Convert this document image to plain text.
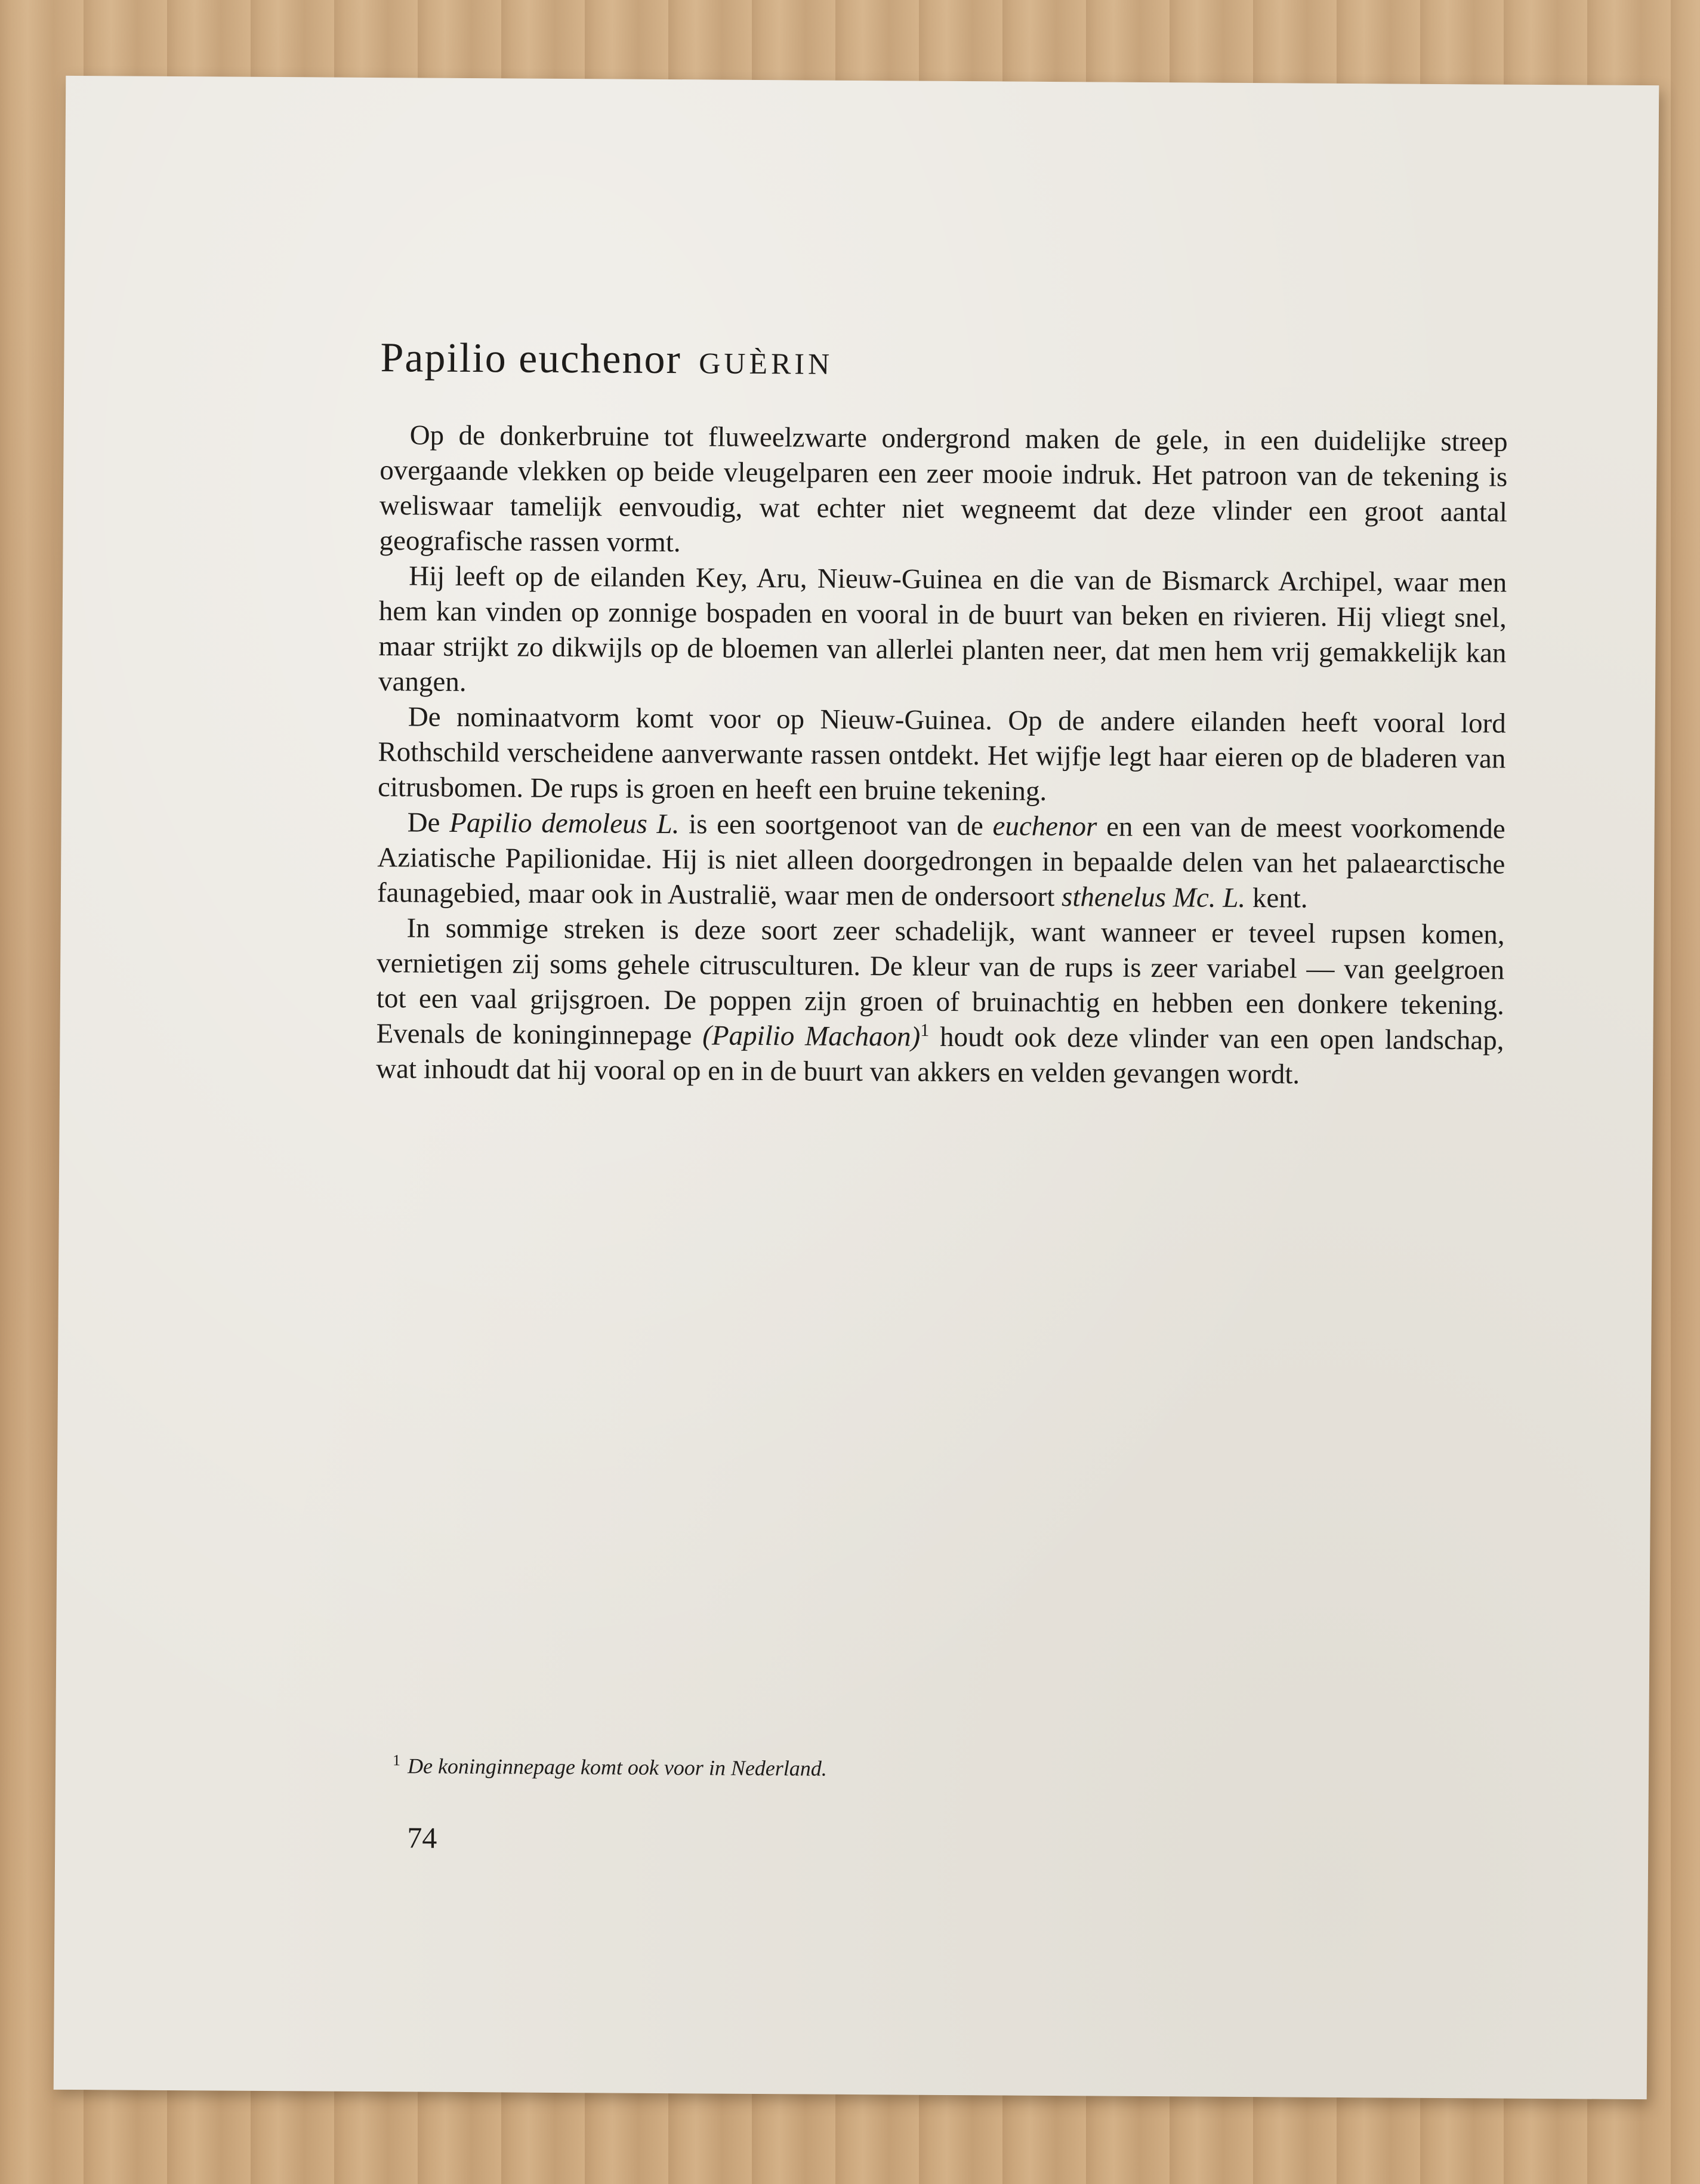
Papilio euchenor GUÈRIN

Op de donkerbruine tot fluweelzwarte ondergrond maken de gele, in een duidelijke streep overgaande vlekken op beide vleugelparen een zeer mooie indruk. Het patroon van de tekening is weliswaar tamelijk eenvoudig, wat echter niet wegneemt dat deze vlinder een groot aantal geografische rassen vormt.

Hij leeft op de eilanden Key, Aru, Nieuw-Guinea en die van de Bismarck Archipel, waar men hem kan vinden op zonnige bospaden en vooral in de buurt van beken en rivieren. Hij vliegt snel, maar strijkt zo dikwijls op de bloemen van allerlei planten neer, dat men hem vrij gemakkelijk kan vangen.

De nominaatvorm komt voor op Nieuw-Guinea. Op de andere eilanden heeft vooral lord Rothschild verscheidene aanverwante rassen ontdekt. Het wijfje legt haar eieren op de bladeren van citrusbomen. De rups is groen en heeft een bruine tekening.

De Papilio demoleus L. is een soortgenoot van de euchenor en een van de meest voorkomende Aziatische Papilionidae. Hij is niet alleen doorgedrongen in bepaalde delen van het palaearctische faunagebied, maar ook in Australië, waar men de ondersoort sthenelus Mc. L. kent.

In sommige streken is deze soort zeer schadelijk, want wanneer er teveel rupsen komen, vernietigen zij soms gehele citrusculturen. De kleur van de rups is zeer variabel — van geelgroen tot een vaal grijsgroen. De poppen zijn groen of bruinachtig en hebben een donkere tekening. Evenals de koninginnepage (Papilio Machaon)$^1$ houdt ook deze vlinder van een open landschap, wat inhoudt dat hij vooral op en in de buurt van akkers en velden gevangen wordt.

$^1$ De koninginnepage komt ook voor in Nederland.
74
